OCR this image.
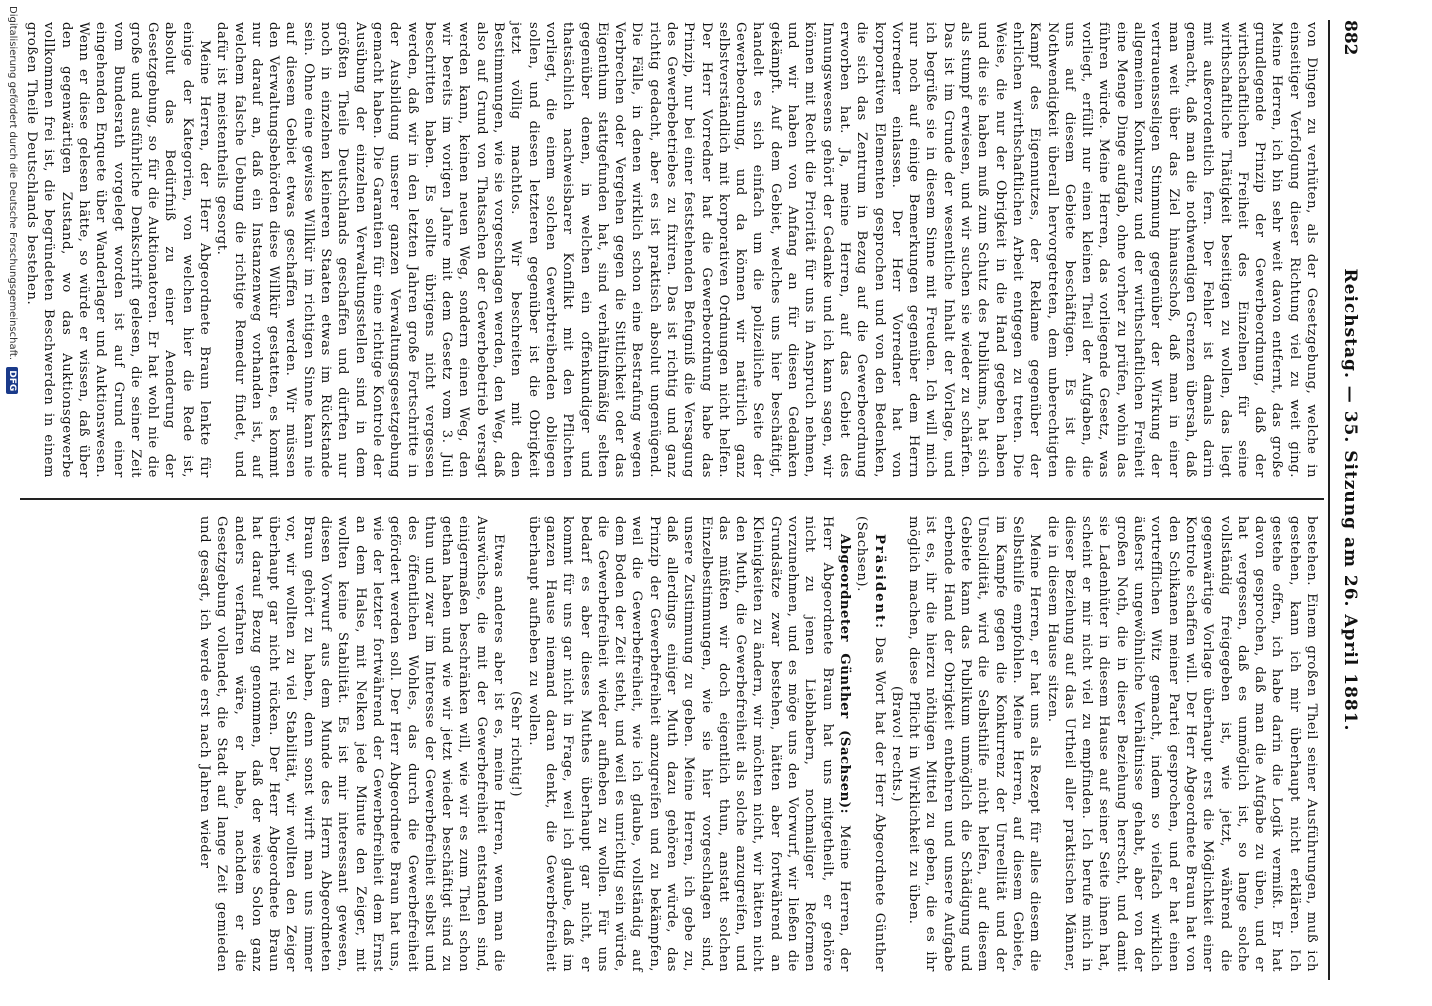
882
Reichstag. — 35. Sitzung am 26. April 1881.

von Dingen zu verhüten, als der Gesetzgebung, welche in einseitiger Verfolgung dieser Richtung viel zu weit ging. Meine Herren, ich bin sehr weit davon entfernt, das große grundlegende Prinzip der Gewerbeordnung, daß der wirthschaftlichen Freiheit des Einzelnen für seine wirthschaftliche Thätigkeit beseitigen zu wollen, das liegt mit außerordentlich fern. Der Fehler ist damals darin gemacht, daß man die nothwendigen Grenzen übersah, daß man weit über das Ziel hinausschoß, daß man in einer vertrauensseligen Stimmung gegenüber der Wirkung der allgemeinen Konkurrenz und der wirthschaftlichen Freiheit eine Menge Dinge aufgab, ohne vorher zu prüfen, wohin das führen würde. Meine Herren, das vorliegende Gesetz, was vorliegt, erfüllt nur einen kleinen Theil der Aufgaben, die uns auf diesem Gebiete beschäftigen. Es ist die Nothwendigkeit überall hervorgetreten, dem unberechtigten Kampf des Eigennutzes, der Reklame gegenüber der ehrlichen wirthschaftlichen Arbeit entgegen zu treten. Die Weise, die nur der Obrigkeit in die Hand gegeben haben und die sie haben muß zum Schutz des Publikums, hat sich als stumpf erwiesen, und wir suchen sie wieder zu schärfen. Das ist im Grunde der wesentliche Inhalt der Vorlage, und ich begrüße sie in diesem Sinne mit Freuden. Ich will mich nur noch auf einige Bemerkungen gegenüber dem Herrn Vorredner einlassen. Der Herr Vorredner hat von korporativen Elementen gesprochen und von den Bedenken, die sich das Zentrum in Bezug auf die Gewerbeordnung erworben hat. Ja, meine Herren, auf das Gebiet des Innungswesens gehört der Gedanke und ich kann sagen, wir können mit Recht die Priorität für uns in Anspruch nehmen, und wir haben von Anfang an für diesen Gedanken gekämpft. Auf dem Gebiet, welches uns hier beschäftigt, handelt es sich einfach um die polizeiliche Seite der Gewerbeordnung, und da können wir natürlich ganz selbstverständlich mit korporativen Ordnungen nicht helfen. Der Herr Vorredner hat die Gewerbeordnung habe das Prinzip, nur bei einer feststehenden Befugniß die Versagung des Gewerbebetriebes zu fixiren. Das ist richtig und ganz richtig gedacht, aber es ist praktisch absolut ungenügend. Die Fälle, in denen wirklich schon eine Bestrafung wegen Verbrechen oder Vergehen gegen die Sittlichkeit oder das Eigenthum stattgefunden hat, sind verhältnißmäßig selten gegenüber denen, in welchen ein offenkundiger und thatsächlich nachweisbarer Konflikt mit den Pflichten vorliegt, die einem solchen Gewerbtreibenden obliegen sollen, und diesen letzteren gegenüber ist die Obrigkeit jetzt völlig machtlos. Wir beschreiten mit den Bestimmungen, wie sie vorgeschlagen werden, den Weg, daß also auf Grund von Thatsachen der Gewerbebetrieb versagt werden kann, keinen neuen Weg, sondern einen Weg, den wir bereits im vorigen Jahre mit dem Gesetz vom 3. Juli beschritten haben. Es sollte übrigens nicht vergessen werden, daß wir in den letzten Jahren große Fortschritte in der Ausbildung unserer ganzen Verwaltungsgesetzgebung gemacht haben. Die Garantien für eine richtige Kontrole der Ausübung der einzelnen Verwaltungsstellen sind in dem größten Theile Deutschlands geschaffen und dürften nur noch in einzelnen kleineren Staaten etwas im Rückstande sein. Ohne eine gewisse Willkür im richtigen Sinne kann nie auf diesem Gebiet etwas geschaffen werden. Wir müssen den Verwaltungsbehörden diese Willkür gestatten, es kommt nur darauf an, daß ein Instanzenweg vorhanden ist, auf welchem falsche Uebung die richtige Remedur findet, und dafür ist meistentheils gesorgt.

Meine Herren, der Herr Abgeordnete Braun lenkte für einige der Kategorien, von welchen hier die Rede ist, absolut das Bedürfniß zu einer Aenderung der Gesetzgebung, so für die Auktionatoren. Er hat wohl nie die große und ausführliche Denkschrift gelesen, die seiner Zeit vom Bundesrath vorgelegt worden ist auf Grund einer eingehenden Enquete über Wanderlager und Auktionswesen. Wenn er diese gelesen hätte, so würde er wissen, daß über den gegenwärtigen Zustand, wo das Auktionsgewerbe vollkommen frei ist, die begründeten Beschwerden in einem großen Theile Deutschlands bestehen.

bestehen. Einem großen Theil seiner Ausführungen, muß ich gestehen, kann ich mir überhaupt nicht erklären. Ich gestehe offen, ich habe darin die Logik vermißt. Er hat davon gesprochen, daß man die Aufgabe zu üben, und er hat vergessen, daß es unmöglich ist, so lange solche vollständig freigegeben ist, wie jetzt, während die gegenwärtige Vorlage überhaupt erst die Möglichkeit einer Kontrole schaffen will. Der Herr Abgeordnete Braun hat von den Schikanen meiner Partei gesprochen, und er hat einen vortrefflichen Witz gemacht, indem so vielfach wirklich äußerst ungewöhnliche Verhältnisse gehabt, aber von der großen Noth, die in dieser Beziehung herrscht, und damit sie Ladenhüter in diesem Hause auf seiner Seite ihnen hat, scheint er mir nicht viel zu empfinden. Ich berufe mich in dieser Beziehung auf das Urtheil aller praktischen Männer, die in diesem Hause sitzen.

Meine Herren, er hat uns als Rezept für alles diesem die Selbsthilfe empfohlen. Meine Herren, auf diesem Gebiete, im Kampfe gegen die Konkurrenz der Unreellität und der Unsolidität, wird die Selbsthilfe nicht helfen, auf diesem Gebiete kann das Publikum unmöglich die Schädigung und erbende Hand der Obrigkeit entbehren und unsere Aufgabe ist es, ihr die hierzu nöthigen Mittel zu geben, die es ihr möglich machen, diese Pflicht in Wirklichkeit zu üben.

(Bravo! rechts.)

Präsident: Das Wort hat der Herr Abgeordnete Günther (Sachsen).

Abgeordneter Günther (Sachsen): Meine Herren, der Herr Abgeordnete Braun hat uns mitgetheilt, er gehöre nicht zu jenen Liebhabern, nochmaliger Reformen vorzunehmen, und es möge uns den Vorwurf, wir ließen die Grundsätze zwar bestehen, hätten aber fortwährend an Kleinigkeiten zu ändern, wir möchten nicht, wir hätten nicht den Muth, die Gewerbefreiheit als solche anzugreifen, und das müßten wir doch eigentlich thun, anstatt solchen Einzelbestimmungen, wie sie hier vorgeschlagen sind, unsere Zustimmung zu geben. Meine Herren, ich gebe zu, daß allerdings einiger Muth dazu gehören würde, das Prinzip der Gewerbefreiheit anzugreifen und zu bekämpfen, weil die Gewerbefreiheit, wie ich glaube, vollständig auf dem Boden der Zeit steht, und weil es unrichtig sein würde, die Gewerbefreiheit wieder aufheben zu wollen. Für uns bedarf es aber dieses Muthes überhaupt gar nicht, er kommt für uns gar nicht in Frage, weil ich glaube, daß im ganzen Hause niemand daran denkt, die Gewerbefreiheit überhaupt aufheben zu wollen.

(Sehr richtig!)

Etwas anderes aber ist es, meine Herren, wenn man die Auswüchse, die mit der Gewerbefreiheit entstanden sind, einigermaßen beschränken will, wie wir es zum Theil schon gethan haben und wie wir jetzt wieder beschäftigt sind zu thun und zwar im Interesse der Gewerbefreiheit selbst und des öffentlichen Wohles, das durch die Gewerbefreiheit gefördert werden soll. Der Herr Abgeordnete Braun hat uns, wie der letzter fortwährend der Gewerbefreiheit dem Ernst an dem Halse, mit Nelken jede Minute den Zeiger, mit wollten keine Stabilität. Es ist mir interessant gewesen, diesen Vorwurf aus dem Munde des Herrn Abgeordneten Braun gehört zu haben, denn sonst wirft man uns immer vor, wir wollten zu viel Stabilität, wir wollten den Zeiger überhaupt gar nicht rücken. Der Herr Abgeordnete Braun hat darauf Bezug genommen, daß der weise Solon ganz anders verfahren wäre, er habe, nachdem er die Gesetzgebung vollendet, die Stadt auf lange Zeit gemieden und gesagt, ich werde erst nach Jahren wieder

Digitalisierung gefördert durch die Deutsche Forschungsgemeinschaft. DFG
